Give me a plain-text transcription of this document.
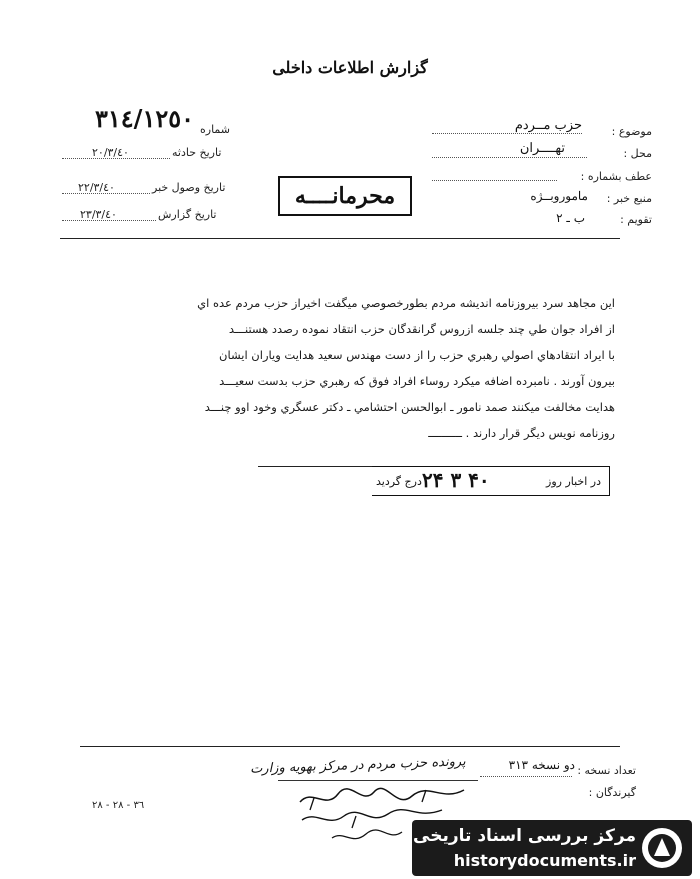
گزارش اطلاعات داخلی
موضوع :
حزب مــردم
محل :
تهــــران
عطف بشماره :
منبع خبر :
ماموروبــژه
تقويم :
ب ـ ٢
شماره
٣١٤/١٢٥٠
تاريخ حادثه
٢٠/٣/٤٠
تاريخ وصول خبر
٢٢/٣/٤٠
تاريخ گزارش
٢٣/٣/٤٠
محرمانــــه
اين مجاهد سرد بيروزنامه انديشه مردم بطورخصوصي ميگفت اخيراز حزب مردم عده اي
از افراد جوان طي چند جلسه ازروس گرانقدگان حزب انتقاد نموده رصدد هستنـــد
با ايراد انتقادهاي اصولي رهبري حزب را از دست مهندس سعيد هدايت وياران ايشان
بيرون آورند . نامبرده اضافه ميکرد روساء افراد فوق که رهبري حزب بدست سعيـــد
هدايت مخالفت ميکنند صمد نامور ـ ابوالحسن احتشامي ـ دکتر عسگري وخود اوو چنـــد
روزنامه نويس ديگر قرار دارند . ــــــــــ
در اخبار روز
۲۴ ۳ ۴۰
درج گرديد
تعداد نسخه :
دو نسخه ٣١٣
گيرندگان :
پرونده حزب مردم در مرکز بهويه وزارت
٣٦ - ٢٨ - ٢٨
مرکز بررسی اسناد تاریخی
historydocuments.ir
